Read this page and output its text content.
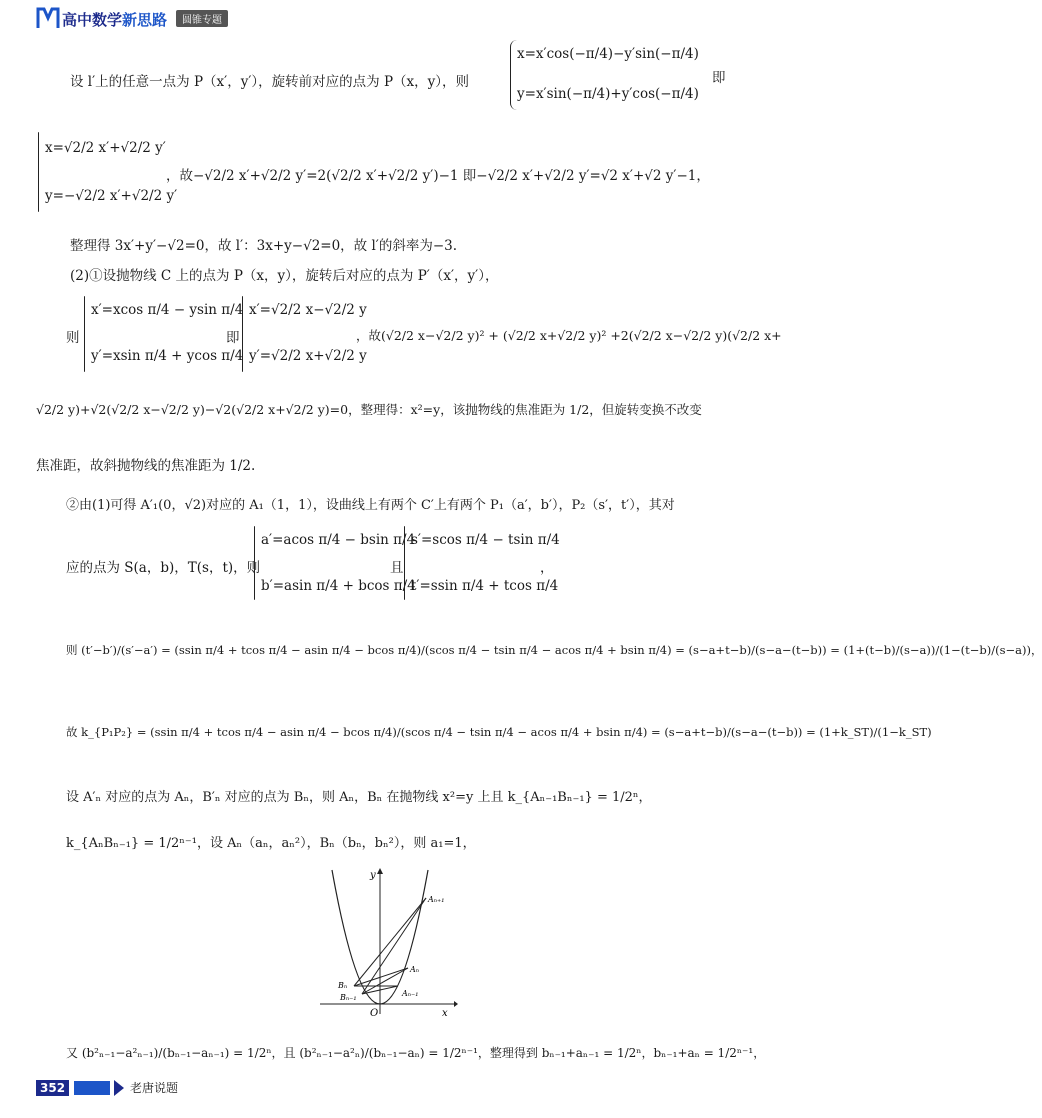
高中数学新思路	圆锥专题
设 l′上的任意一点为 P（x′，y′），旋转前对应的点为 P（x，y），则
x=x′cos(−π/4)−y′sin(−π/4)
y=x′sin(−π/4)+y′cos(−π/4)
即
x=√2/2 x′+√2/2 y′
y=−√2/2 x′+√2/2 y′
，故−√2/2 x′+√2/2 y′=2(√2/2 x′+√2/2 y′)−1 即−√2/2 x′+√2/2 y′=√2 x′+√2 y′−1，
整理得 3x′+y′−√2=0，故 l′：3x+y−√2=0，故 l′的斜率为−3.
(2)①设抛物线 C 上的点为 P（x，y），旋转后对应的点为 P′（x′，y′），
则
x′=xcos π/4 − ysin π/4
y′=xsin π/4 + ycos π/4
即
x′=√2/2 x−√2/2 y
y′=√2/2 x+√2/2 y
，故(√2/2 x−√2/2 y)² + (√2/2 x+√2/2 y)² +2(√2/2 x−√2/2 y)(√2/2 x+
√2/2 y)+√2(√2/2 x−√2/2 y)−√2(√2/2 x+√2/2 y)=0，整理得：x²=y，该抛物线的焦准距为 1/2，但旋转变换不改变
焦准距，故斜抛物线的焦准距为 1/2.
②由(1)可得 A′₁(0，√2)对应的 A₁（1，1），设曲线上有两个 C′上有两个 P₁（a′，b′），P₂（s′，t′），其对
应的点为 S(a，b)，T(s，t)，则
a′=acos π/4 − bsin π/4
b′=asin π/4 + bcos π/4
且
s′=scos π/4 − tsin π/4
t′=ssin π/4 + tcos π/4
，
则 (t′−b′)/(s′−a′) = (ssin π/4 + tcos π/4 − asin π/4 − bcos π/4)/(scos π/4 − tsin π/4 − acos π/4 + bsin π/4) = (s−a+t−b)/(s−a−(t−b)) = (1+(t−b)/(s−a))/(1−(t−b)/(s−a))，
故 k_{P₁P₂} = (ssin π/4 + tcos π/4 − asin π/4 − bcos π/4)/(scos π/4 − tsin π/4 − acos π/4 + bsin π/4) = (s−a+t−b)/(s−a−(t−b)) = (1+k_ST)/(1−k_ST)
设 A′ₙ 对应的点为 Aₙ，B′ₙ 对应的点为 Bₙ，则 Aₙ，Bₙ 在抛物线 x²=y 上且 k_{Aₙ₋₁Bₙ₋₁} = 1/2ⁿ，
k_{AₙBₙ₋₁} = 1/2ⁿ⁻¹，设 Aₙ（aₙ，aₙ²），Bₙ（bₙ，bₙ²），则 a₁=1，
y
x
O
Aₙ₊₁
Aₙ
Aₙ₋₁
Bₙ
Bₙ₋₁
又 (b²ₙ₋₁−a²ₙ₋₁)/(bₙ₋₁−aₙ₋₁) = 1/2ⁿ，且 (b²ₙ₋₁−a²ₙ)/(bₙ₋₁−aₙ) = 1/2ⁿ⁻¹，整理得到 bₙ₋₁+aₙ₋₁ = 1/2ⁿ，bₙ₋₁+aₙ = 1/2ⁿ⁻¹，
352	老唐说题
